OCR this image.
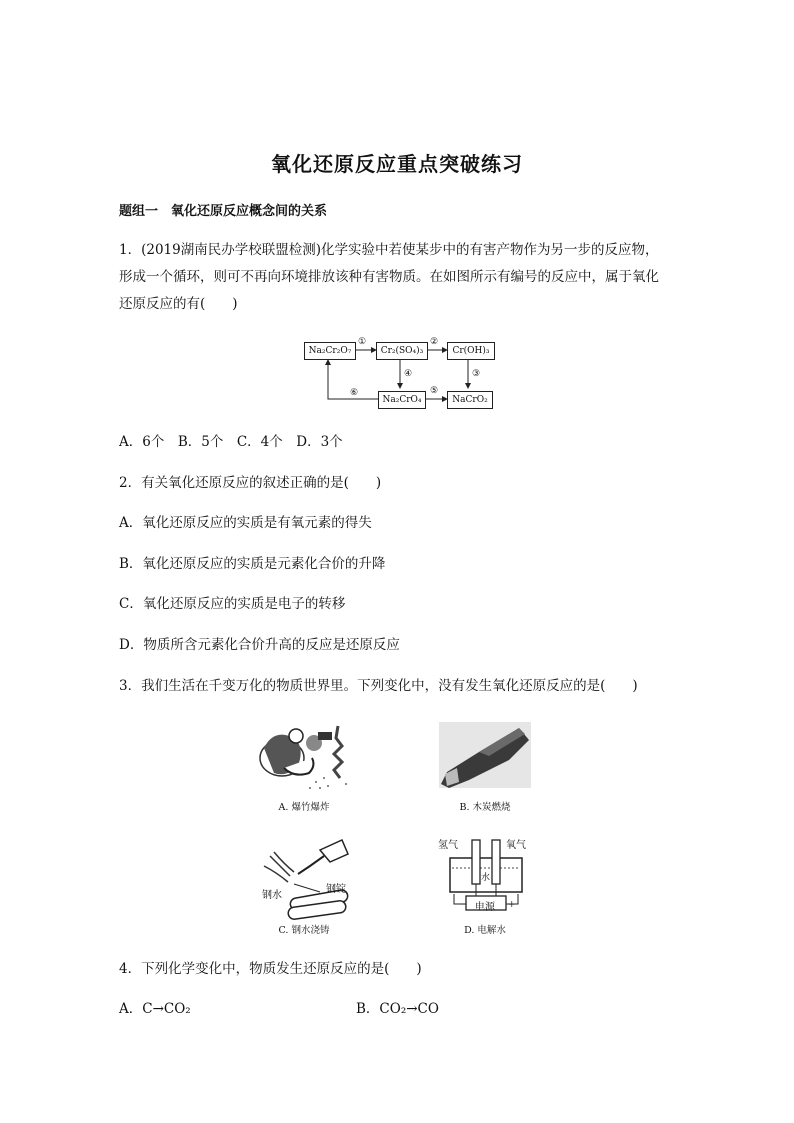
氧化还原反应重点突破练习
题组一　氧化还原反应概念间的关系
1．(2019湖南民办学校联盟检测)化学实验中若使某步中的有害产物作为另一步的反应物，
形成一个循环，则可不再向环境排放该种有害物质。在如图所示有编号的反应中，属于氧化
还原反应的有(　　)
Na₂Cr₂O₇	Cr₂(SO₄)₃	Cr(OH)₃
Na₂CrO₄	NaCrO₂
①	②
④	③
⑤
⑥
A．6个　B．5个　C．4个　D．3个
2．有关氧化还原反应的叙述正确的是(　　)
A．氧化还原反应的实质是有氧元素的得失
B．氧化还原反应的实质是元素化合价的升降
C．氧化还原反应的实质是电子的转移
D．物质所含元素化合价升高的反应是还原反应
3．我们生活在千变万化的物质世界里。下列变化中，没有发生氧化还原反应的是(　　)
A. 爆竹爆炸	B. 木炭燃烧
钢水
钢锭
C. 钢水浇铸
−	+
氢气	氧气
水
电源
D. 电解水
4．下列化学变化中，物质发生还原反应的是(　　)
A．C→CO₂	B．CO₂→CO
